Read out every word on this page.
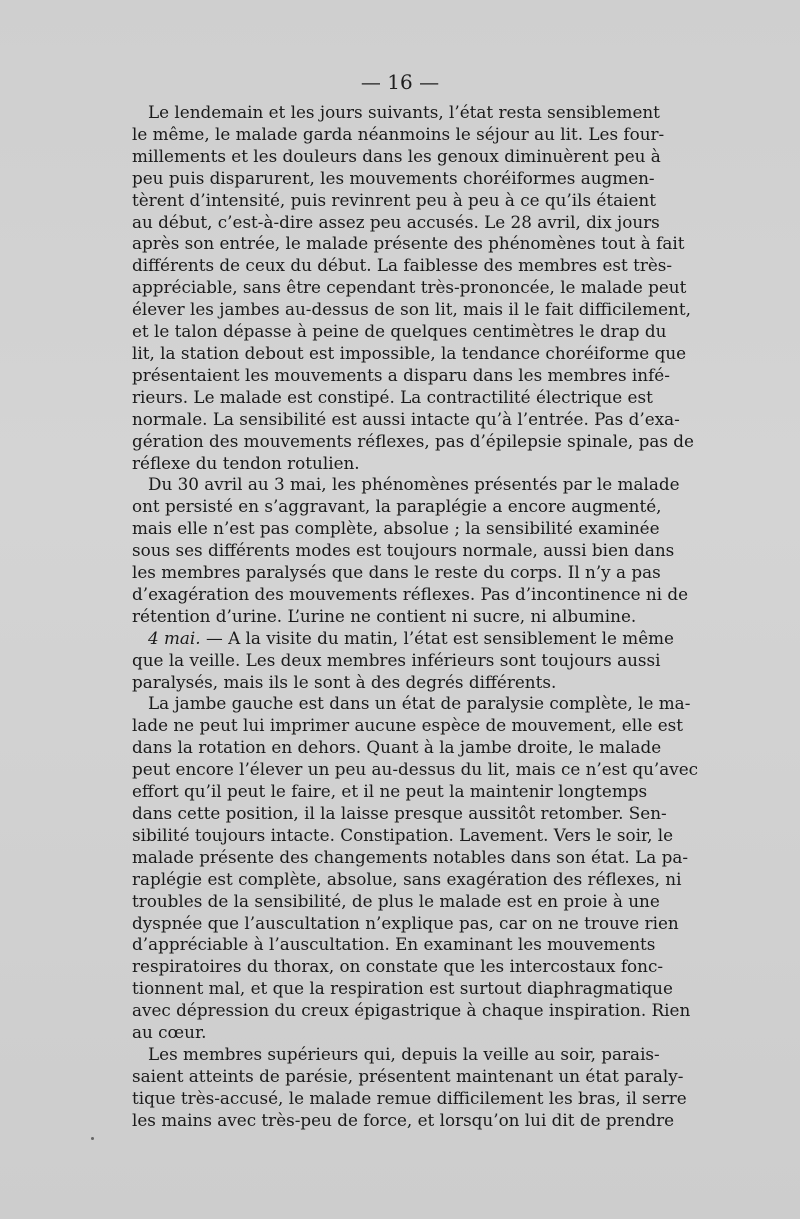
— 16 —
Le lendemain et les jours suivants, l’état resta sensiblement
le même, le malade garda néanmoins le séjour au lit. Les four-
millements et les douleurs dans les genoux diminuèrent peu à
peu puis disparurent, les mouvements choréiformes augmen-
tèrent d’intensité, puis revinrent peu à peu à ce qu’ils étaient
au début, c’est-à-dire assez peu accusés. Le 28 avril, dix jours
après son entrée, le malade présente des phénomènes tout à fait
différents de ceux du début. La faiblesse des membres est très-
appréciable, sans être cependant très-prononcée, le malade peut
élever les jambes au-dessus de son lit, mais il le fait difficilement,
et le talon dépasse à peine de quelques centimètres le drap du
lit, la station debout est impossible, la tendance choréiforme que
présentaient les mouvements a disparu dans les membres infé-
rieurs. Le malade est constipé. La contractilité électrique est
normale. La sensibilité est aussi intacte qu’à l’entrée. Pas d’exa-
gération des mouvements réflexes, pas d’épilepsie spinale, pas de
réflexe du tendon rotulien.
Du 30 avril au 3 mai, les phénomènes présentés par le malade
ont persisté en s’aggravant, la paraplégie a encore augmenté,
mais elle n’est pas complète, absolue ; la sensibilité examinée
sous ses différents modes est toujours normale, aussi bien dans
les membres paralysés que dans le reste du corps. Il n’y a pas
d’exagération des mouvements réflexes. Pas d’incontinence ni de
rétention d’urine. L’urine ne contient ni sucre, ni albumine.
4 mai. — A la visite du matin, l’état est sensiblement le même
que la veille. Les deux membres inférieurs sont toujours aussi
paralysés, mais ils le sont à des degrés différents.
La jambe gauche est dans un état de paralysie complète, le ma-
lade ne peut lui imprimer aucune espèce de mouvement, elle est
dans la rotation en dehors. Quant à la jambe droite, le malade
peut encore l’élever un peu au-dessus du lit, mais ce n’est qu’avec
effort qu’il peut le faire, et il ne peut la maintenir longtemps
dans cette position, il la laisse presque aussitôt retomber. Sen-
sibilité toujours intacte. Constipation. Lavement. Vers le soir, le
malade présente des changements notables dans son état. La pa-
raplégie est complète, absolue, sans exagération des réflexes, ni
troubles de la sensibilité, de plus le malade est en proie à une
dyspnée que l’auscultation n’explique pas, car on ne trouve rien
d’appréciable à l’auscultation. En examinant les mouvements
respiratoires du thorax, on constate que les intercostaux fonc-
tionnent mal, et que la respiration est surtout diaphragmatique
avec dépression du creux épigastrique à chaque inspiration. Rien
au cœur.
Les membres supérieurs qui, depuis la veille au soir, parais-
saient atteints de parésie, présentent maintenant un état paraly-
tique très-accusé, le malade remue difficilement les bras, il serre
les mains avec très-peu de force, et lorsqu’on lui dit de prendre
